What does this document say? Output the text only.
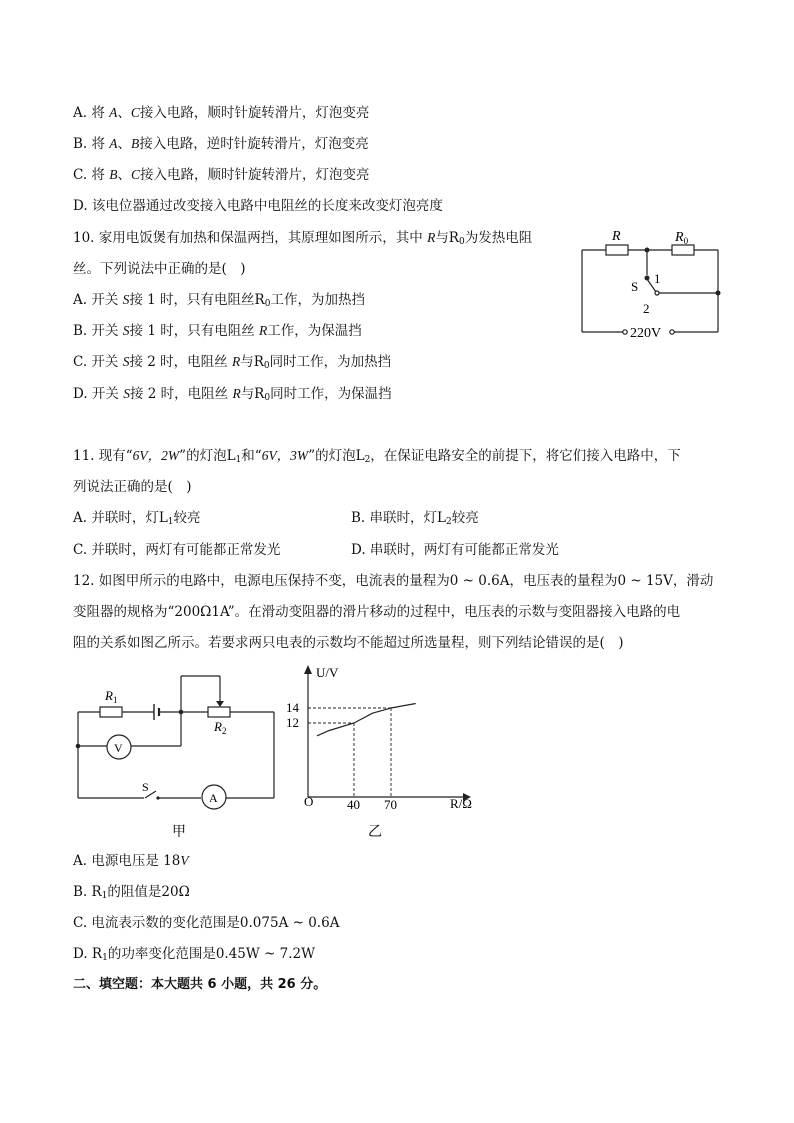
A. 将 A、C接入电路，顺时针旋转滑片，灯泡变亮
B. 将 A、B接入电路，逆时针旋转滑片，灯泡变亮
C. 将 B、C接入电路，顺时针旋转滑片，灯泡变亮
D. 该电位器通过改变接入电路中电阻丝的长度来改变灯泡亮度
10. 家用电饭煲有加热和保温两挡，其原理如图所示，其中 R与$R_0$为发热电阻
丝。下列说法中正确的是(　)
A. 开关 S接 1 时，只有电阻丝$R_0$工作，为加热挡
B. 开关 S接 1 时，只有电阻丝 R工作，为保温挡
C. 开关 S接 2 时，电阻丝 R与$R_0$同时工作，为加热挡
D. 开关 S接 2 时，电阻丝 R与$R_0$同时工作，为保温挡
R	$R_0$
1
S
2
220V
11. 现有“6V，2W”的灯泡$L_1$和“6V，3W”的灯泡$L_2$，在保证电路安全的前提下，将它们接入电路中，下
列说法正确的是(　)
A. 并联时，灯$L_1$较亮	B. 串联时，灯$L_2$较亮
C. 并联时，两灯有可能都正常发光	D. 串联时，两灯有可能都正常发光
12. 如图甲所示的电路中，电源电压保持不变，电流表的量程为0 ~ 0.6A，电压表的量程为0 ~ 15V，滑动
变阻器的规格为“200Ω1A”。在滑动变阻器的滑片移动的过程中，电压表的示数与变阻器接入电路的电
阻的关系如图乙所示。若要求两只电表的示数均不能超过所选量程，则下列结论错误的是(　)
$R_1$
$R_2$
V
A
S
甲
40 70
12
14
U/V
R/Ω
O
乙
A. 电源电压是 18V
B. $R_1$的阻值是20Ω
C. 电流表示数的变化范围是0.075A ~ 0.6A
D. $R_1$的功率变化范围是0.45W ~ 7.2W
二、填空题：本大题共 6 小题，共 26 分。
